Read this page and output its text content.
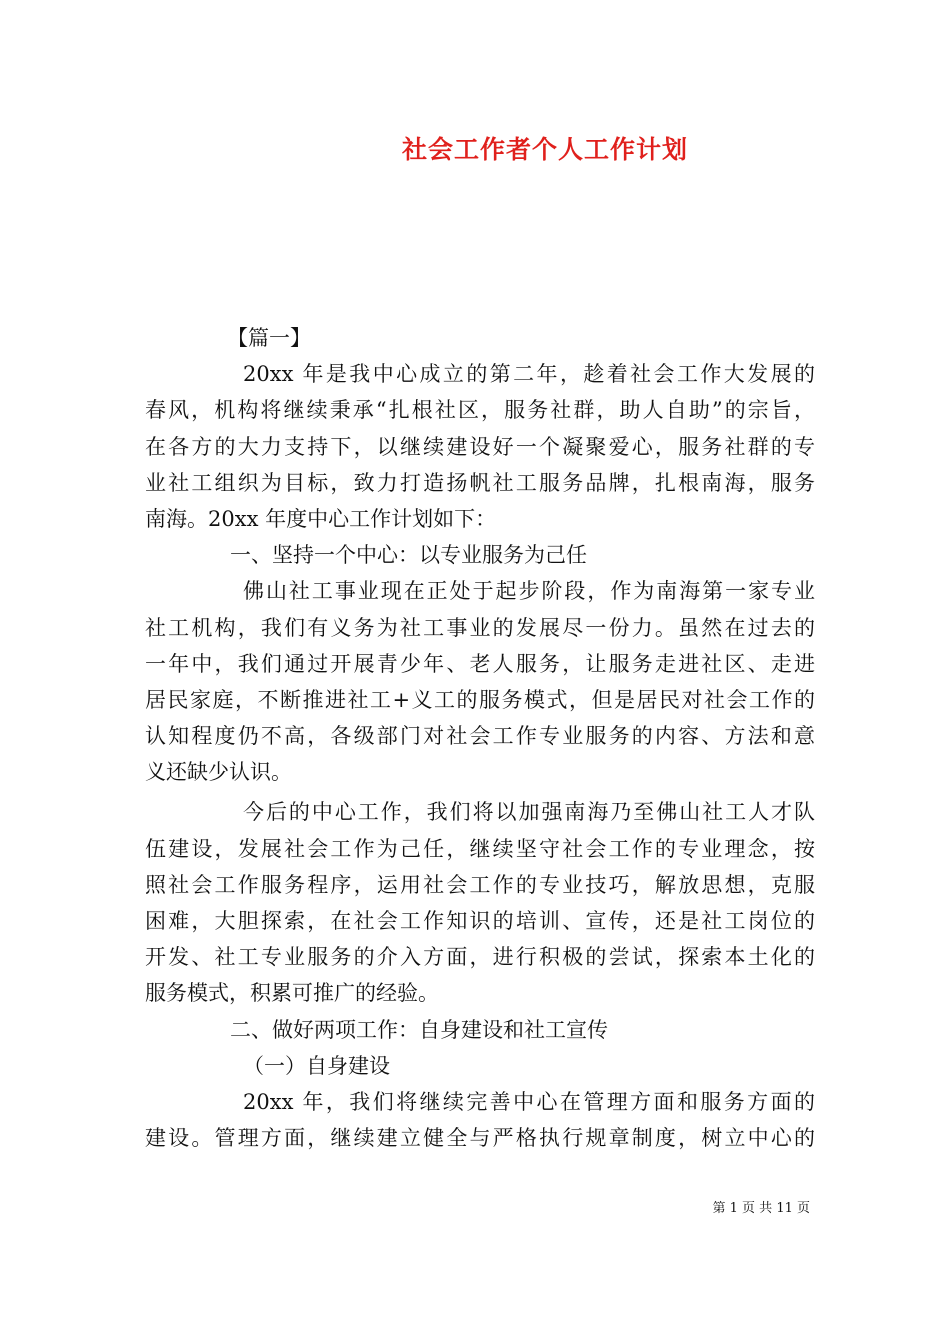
社会工作者个人工作计划
【篇一】
20xx 年是我中心成立的第二年，趁着社会工作大发展的
春风，机构将继续秉承“扎根社区，服务社群，助人自助”的宗旨，
在各方的大力支持下，以继续建设好一个凝聚爱心，服务社群的专
业社工组织为目标，致力打造扬帆社工服务品牌，扎根南海，服务
南海。20xx 年度中心工作计划如下：
一、坚持一个中心：以专业服务为己任
佛山社工事业现在正处于起步阶段，作为南海第一家专业
社工机构，我们有义务为社工事业的发展尽一份力。虽然在过去的
一年中，我们通过开展青少年、老人服务，让服务走进社区、走进
居民家庭，不断推进社工+义工的服务模式，但是居民对社会工作的
认知程度仍不高，各级部门对社会工作专业服务的内容、方法和意
义还缺少认识。
今后的中心工作，我们将以加强南海乃至佛山社工人才队
伍建设，发展社会工作为己任，继续坚守社会工作的专业理念，按
照社会工作服务程序，运用社会工作的专业技巧，解放思想，克服
困难，大胆探索，在社会工作知识的培训、宣传，还是社工岗位的
开发、社工专业服务的介入方面，进行积极的尝试，探索本土化的
服务模式，积累可推广的经验。
二、做好两项工作：自身建设和社工宣传
（一）自身建设
20xx 年，我们将继续完善中心在管理方面和服务方面的
建设。管理方面，继续建立健全与严格执行规章制度，树立中心的
第 1 页 共 11 页
